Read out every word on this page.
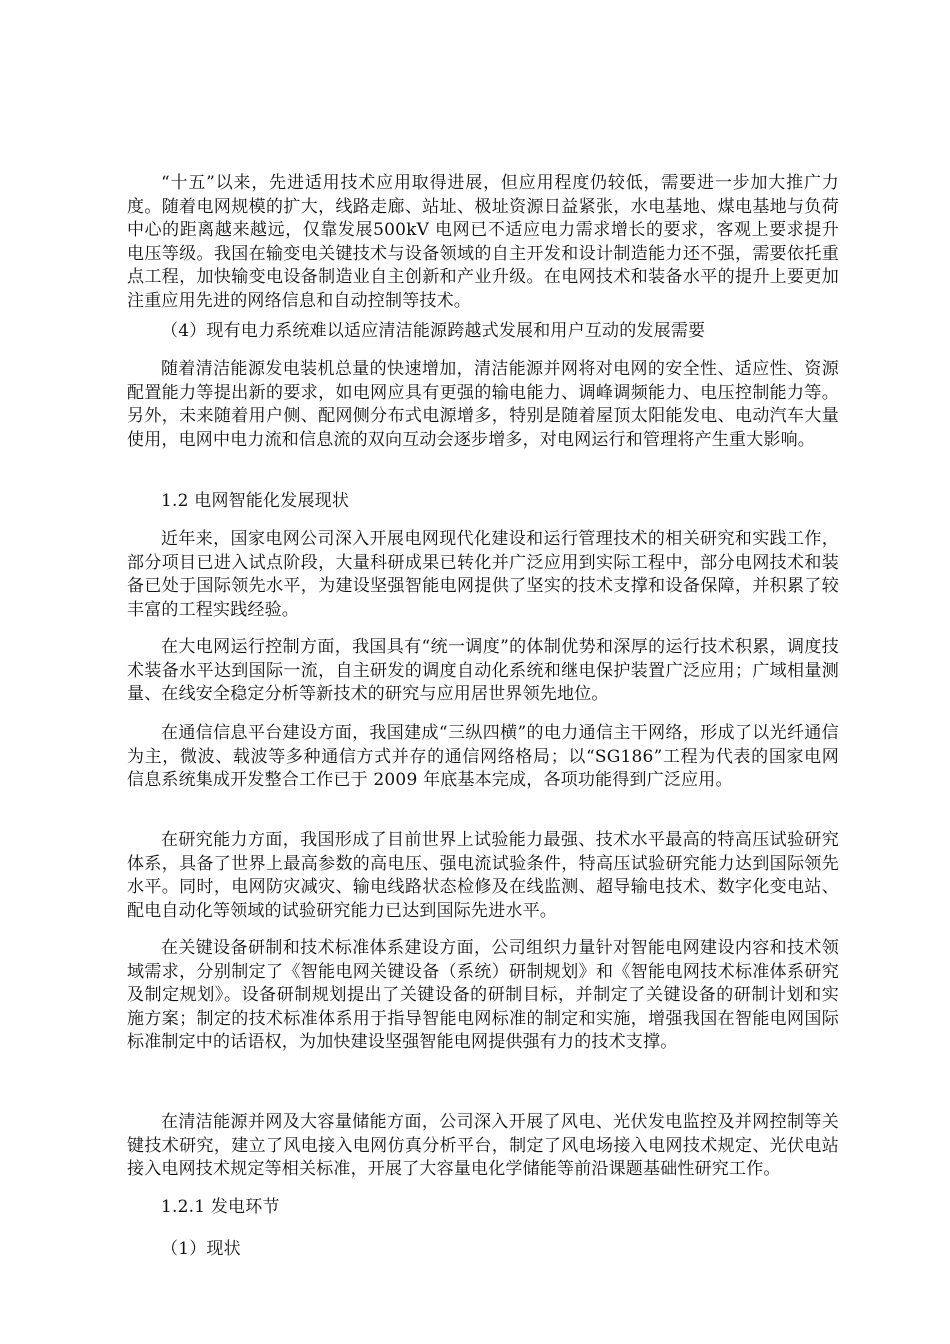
“十五”以来，先进适用技术应用取得进展，但应用程度仍较低，需要进一步加大推广力度。随着电网规模的扩大，线路走廊、站址、极址资源日益紧张，水电基地、煤电基地与负荷中心的距离越来越远，仅靠发展500kV 电网已不适应电力需求增长的要求，客观上要求提升电压等级。我国在输变电关键技术与设备领域的自主开发和设计制造能力还不强，需要依托重点工程，加快输变电设备制造业自主创新和产业升级。在电网技术和装备水平的提升上要更加注重应用先进的网络信息和自动控制等技术。

（4）现有电力系统难以适应清洁能源跨越式发展和用户互动的发展需要

随着清洁能源发电装机总量的快速增加，清洁能源并网将对电网的安全性、适应性、资源配置能力等提出新的要求，如电网应具有更强的输电能力、调峰调频能力、电压控制能力等。另外，未来随着用户侧、配网侧分布式电源增多，特别是随着屋顶太阳能发电、电动汽车大量使用，电网中电力流和信息流的双向互动会逐步增多，对电网运行和管理将产生重大影响。

1.2 电网智能化发展现状

近年来，国家电网公司深入开展电网现代化建设和运行管理技术的相关研究和实践工作，部分项目已进入试点阶段，大量科研成果已转化并广泛应用到实际工程中，部分电网技术和装备已处于国际领先水平，为建设坚强智能电网提供了坚实的技术支撑和设备保障，并积累了较丰富的工程实践经验。

在大电网运行控制方面，我国具有“统一调度”的体制优势和深厚的运行技术积累，调度技术装备水平达到国际一流，自主研发的调度自动化系统和继电保护装置广泛应用；广域相量测量、在线安全稳定分析等新技术的研究与应用居世界领先地位。

在通信信息平台建设方面，我国建成“三纵四横”的电力通信主干网络，形成了以光纤通信为主，微波、载波等多种通信方式并存的通信网络格局；以“SG186”工程为代表的国家电网信息系统集成开发整合工作已于 2009 年底基本完成，各项功能得到广泛应用。

在研究能力方面，我国形成了目前世界上试验能力最强、技术水平最高的特高压试验研究体系，具备了世界上最高参数的高电压、强电流试验条件，特高压试验研究能力达到国际领先水平。同时，电网防灾减灾、输电线路状态检修及在线监测、超导输电技术、数字化变电站、配电自动化等领域的试验研究能力已达到国际先进水平。

在关键设备研制和技术标准体系建设方面，公司组织力量针对智能电网建设内容和技术领域需求，分别制定了《智能电网关键设备（系统）研制规划》和《智能电网技术标准体系研究及制定规划》。设备研制规划提出了关键设备的研制目标，并制定了关键设备的研制计划和实施方案；制定的技术标准体系用于指导智能电网标准的制定和实施，增强我国在智能电网国际标准制定中的话语权，为加快建设坚强智能电网提供强有力的技术支撑。

在清洁能源并网及大容量储能方面，公司深入开展了风电、光伏发电监控及并网控制等关键技术研究，建立了风电接入电网仿真分析平台，制定了风电场接入电网技术规定、光伏电站接入电网技术规定等相关标准，开展了大容量电化学储能等前沿课题基础性研究工作。

1.2.1 发电环节

（1）现状
